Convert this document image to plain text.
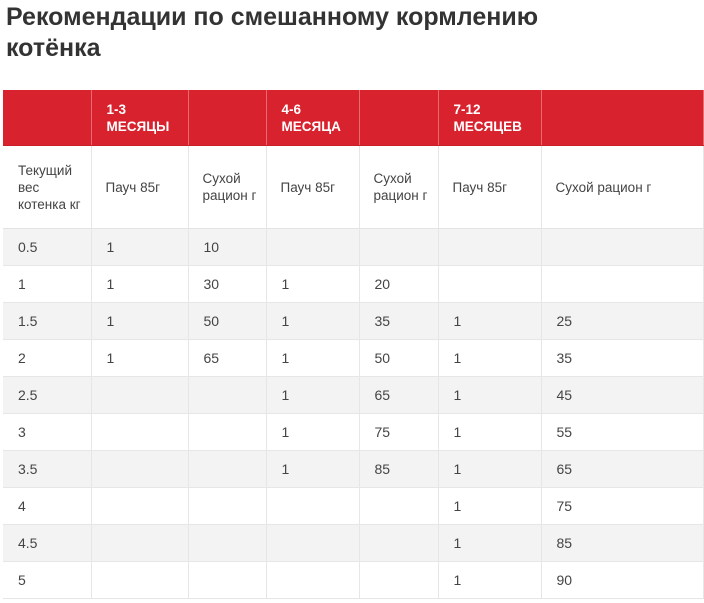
Рекомендации по смешанному кормлению котёнка
	1-3 МЕСЯЦЫ		4-6 МЕСЯЦА		7-12 МЕСЯЦЕВ	
Текущий вес котенка кг	Пауч 85г	Сухой рацион г	Пауч 85г	Сухой рацион г	Пауч 85г	Сухой рацион г
0.5	1	10				
1	1	30	1	20		
1.5	1	50	1	35	1	25
2	1	65	1	50	1	35
2.5			1	65	1	45
3			1	75	1	55
3.5			1	85	1	65
4					1	75
4.5					1	85
5					1	90
